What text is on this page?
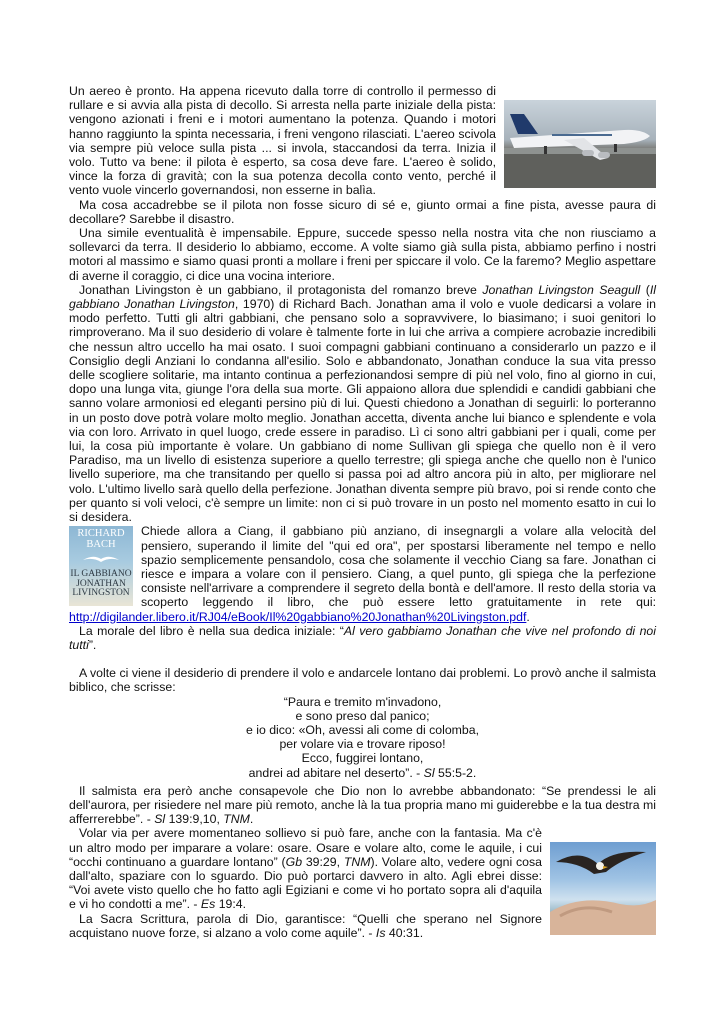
Un aereo è pronto. Ha appena ricevuto dalla torre di controllo il permesso di rullare e si avvia alla pista di decollo. Si arresta nella parte iniziale della pista: vengono azionati i freni e i motori aumentano la potenza. Quando i motori hanno raggiunto la spinta necessaria, i freni vengono rilasciati. L'aereo scivola via sempre più veloce sulla pista ... si invola, staccandosi da terra. Inizia il volo. Tutto va bene: il pilota è esperto, sa cosa deve fare. L'aereo è solido, vince la forza di gravità; con la sua potenza decolla conto vento, perché il vento vuole vincerlo governandosi, non esserne in balìa.

Ma cosa accadrebbe se il pilota non fosse sicuro di sé e, giunto ormai a fine pista, avesse paura di decollare? Sarebbe il disastro.

Una simile eventualità è impensabile. Eppure, succede spesso nella nostra vita che non riusciamo a sollevarci da terra. Il desiderio lo abbiamo, eccome. A volte siamo già sulla pista, abbiamo perfino i nostri motori al massimo e siamo quasi pronti a mollare i freni per spiccare il volo. Ce la faremo? Meglio aspettare di averne il coraggio, ci dice una vocina interiore.

Jonathan Livingston è un gabbiano, il protagonista del romanzo breve Jonathan Livingston Seagull (Il gabbiano Jonathan Livingston, 1970) di Richard Bach. Jonathan ama il volo e vuole dedicarsi a volare in modo perfetto. Tutti gli altri gabbiani, che pensano solo a sopravvivere, lo biasimano; i suoi genitori lo rimproverano. Ma il suo desiderio di volare è talmente forte in lui che arriva a compiere acrobazie incredibili che nessun altro uccello ha mai osato. I suoi compagni gabbiani continuano a considerarlo un pazzo e il Consiglio degli Anziani lo condanna all'esilio. Solo e abbandonato, Jonathan conduce la sua vita presso delle scogliere solitarie, ma intanto continua a perfezionandosi sempre di più nel volo, fino al giorno in cui, dopo una lunga vita, giunge l'ora della sua morte. Gli appaiono allora due splendidi e candidi gabbiani che sanno volare armoniosi ed eleganti persino più di lui. Questi chiedono a Jonathan di seguirli: lo porteranno in un posto dove potrà volare molto meglio. Jonathan accetta, diventa anche lui bianco e splendente e vola via con loro. Arrivato in quel luogo, crede essere in paradiso. Lì ci sono altri gabbiani per i quali, come per lui, la cosa più importante è volare. Un gabbiano di nome Sullivan gli spiega che quello non è il vero Paradiso, ma un livello di esistenza superiore a quello terrestre; gli spiega anche che quello non è l'unico livello superiore, ma che transitando per quello si passa poi ad altro ancora più in alto, per migliorare nel volo. L'ultimo livello sarà quello della perfezione. Jonathan diventa sempre più bravo, poi si rende conto che per quanto si voli veloci, c'è sempre un limite: non ci si può trovare in un posto nel momento esatto in cui lo si desidera.

RICHARD BACH
IL GABBIANO JONATHAN LIVINGSTON

Chiede allora a Ciang, il gabbiano più anziano, di insegnargli a volare alla velocità del pensiero, superando il limite del "qui ed ora", per spostarsi liberamente nel tempo e nello spazio semplicemente pensandolo, cosa che solamente il vecchio Ciang sa fare. Jonathan ci riesce e impara a volare con il pensiero. Ciang, a quel punto, gli spiega che la perfezione consiste nell'arrivare a comprendere il segreto della bontà e dell'amore. Il resto della storia va scoperto leggendo il libro, che può essere letto gratuitamente in rete qui: http://digilander.libero.it/RJ04/eBook/Il%20gabbiano%20Jonathan%20Livingston.pdf.

La morale del libro è nella sua dedica iniziale: “Al vero gabbiamo Jonathan che vive nel profondo di noi tutti”.

A volte ci viene il desiderio di prendere il volo e andarcele lontano dai problemi. Lo provò anche il salmista biblico, che scrisse:

“Paura e tremito m'invadono,
e sono preso dal panico;
e io dico: «Oh, avessi ali come di colomba,
per volare via e trovare riposo!
Ecco, fuggirei lontano,
andrei ad abitare nel deserto”. - Sl 55:5-2.

Il salmista era però anche consapevole che Dio non lo avrebbe abbandonato: “Se prendessi le ali dell'aurora, per risiedere nel mare più remoto, anche là la tua propria mano mi guiderebbe e la tua destra mi afferrerebbe”. - Sl 139:9,10, TNM.

Volar via per avere momentaneo sollievo si può fare, anche con la fantasia. Ma c'è un altro modo per imparare a volare: osare. Osare e volare alto, come le aquile, i cui “occhi continuano a guardare lontano” (Gb 39:29, TNM). Volare alto, vedere ogni cosa dall'alto, spaziare con lo sguardo. Dio può portarci davvero in alto. Agli ebrei disse: “Voi avete visto quello che ho fatto agli Egiziani e come vi ho portato sopra ali d'aquila e vi ho condotti a me”. - Es 19:4.

La Sacra Scrittura, parola di Dio, garantisce: “Quelli che sperano nel Signore acquistano nuove forze, si alzano a volo come aquile”. - Is 40:31.
